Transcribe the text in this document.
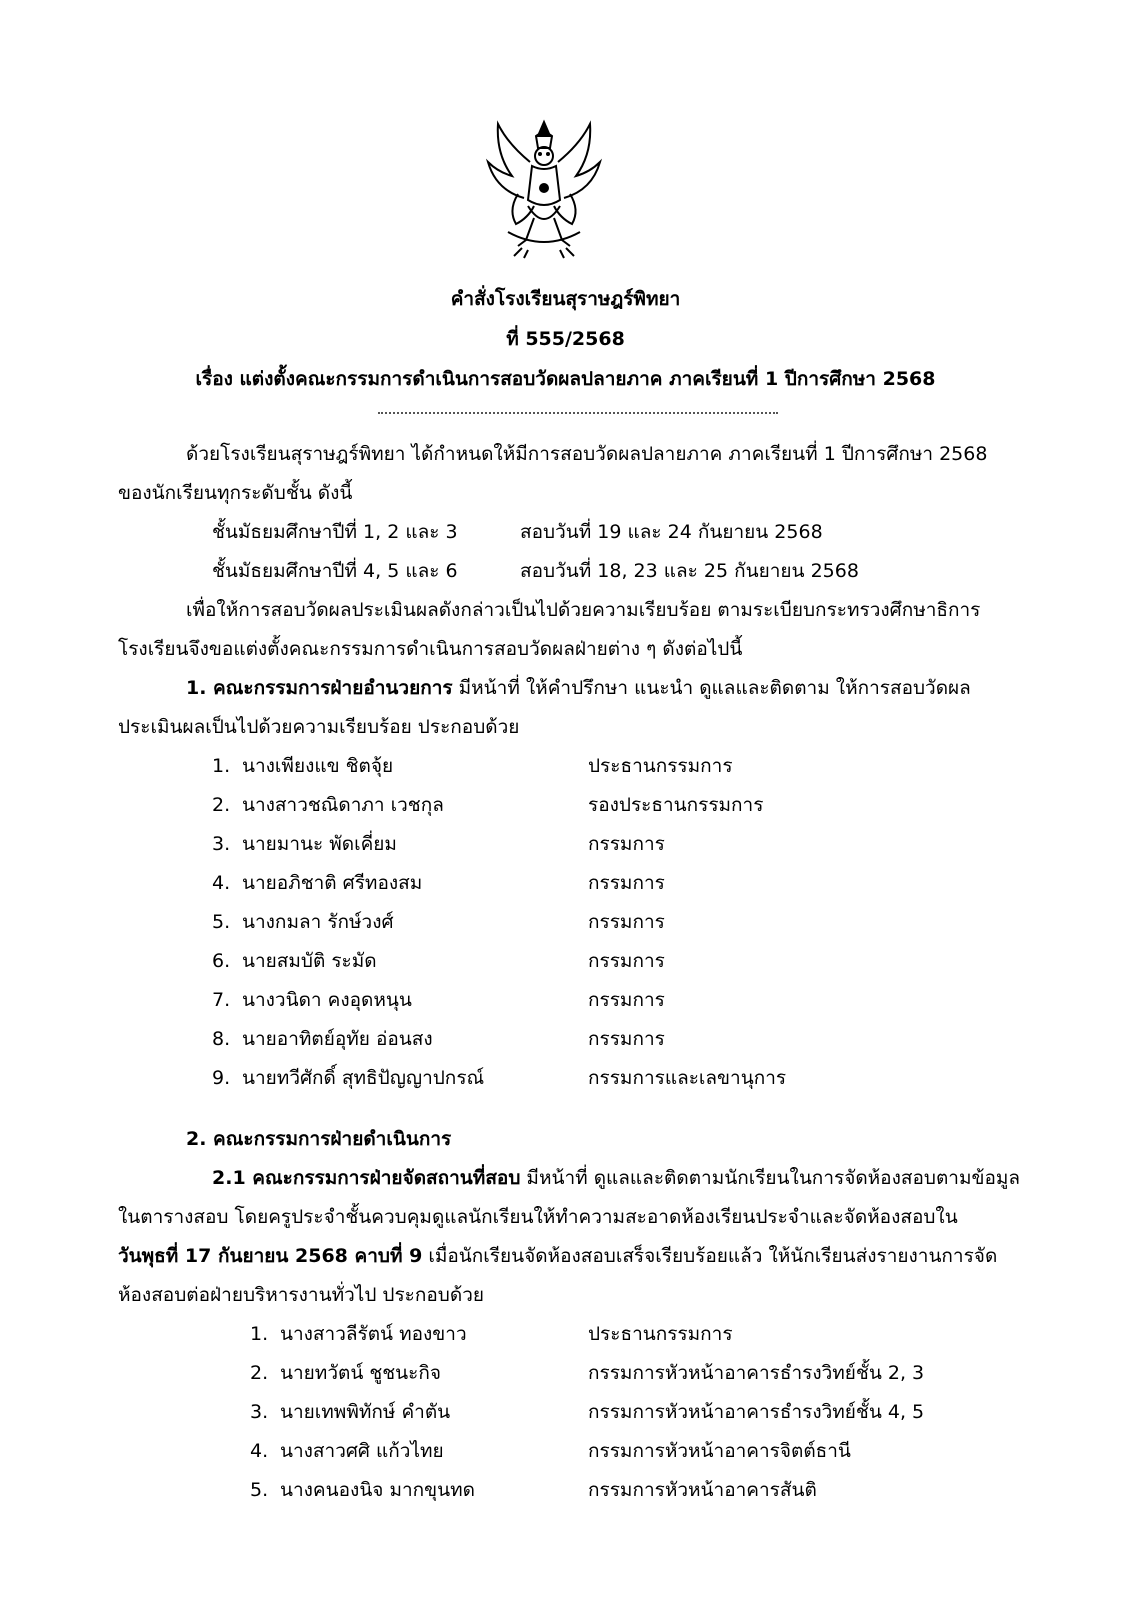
คำสั่งโรงเรียนสุราษฎร์พิทยา
ที่ 555/2568
เรื่อง แต่งตั้งคณะกรรมการดำเนินการสอบวัดผลปลายภาค ภาคเรียนที่ 1 ปีการศึกษา 2568
ด้วยโรงเรียนสุราษฎร์พิทยา ได้กำหนดให้มีการสอบวัดผลปลายภาค ภาคเรียนที่ 1 ปีการศึกษา 2568
ของนักเรียนทุกระดับชั้น ดังนี้
ชั้นมัธยมศึกษาปีที่ 1, 2 และ 3	สอบวันที่ 19 และ 24 กันยายน 2568
ชั้นมัธยมศึกษาปีที่ 4, 5 และ 6	สอบวันที่ 18, 23 และ 25 กันยายน 2568
เพื่อให้การสอบวัดผลประเมินผลดังกล่าวเป็นไปด้วยความเรียบร้อย ตามระเบียบกระทรวงศึกษาธิการ
โรงเรียนจึงขอแต่งตั้งคณะกรรมการดำเนินการสอบวัดผลฝ่ายต่าง ๆ ดังต่อไปนี้
1. คณะกรรมการฝ่ายอำนวยการ มีหน้าที่ ให้คำปรึกษา แนะนำ ดูแลและติดตาม ให้การสอบวัดผล
ประเมินผลเป็นไปด้วยความเรียบร้อย ประกอบด้วย
1. นางเพียงแข ชิตจุ้ย	ประธานกรรมการ
2. นางสาวชณิดาภา เวชกุล	รองประธานกรรมการ
3. นายมานะ พัดเคี่ยม	กรรมการ
4. นายอภิชาติ ศรีทองสม	กรรมการ
5. นางกมลา รักษ์วงศ์	กรรมการ
6. นายสมบัติ ระมัด	กรรมการ
7. นางวนิดา คงอุดหนุน	กรรมการ
8. นายอาทิตย์อุทัย อ่อนสง	กรรมการ
9. นายทวีศักดิ์ สุทธิปัญญาปกรณ์	กรรมการและเลขานุการ
2. คณะกรรมการฝ่ายดำเนินการ
2.1 คณะกรรมการฝ่ายจัดสถานที่สอบ มีหน้าที่ ดูแลและติดตามนักเรียนในการจัดห้องสอบตามข้อมูล
ในตารางสอบ โดยครูประจำชั้นควบคุมดูแลนักเรียนให้ทำความสะอาดห้องเรียนประจำและจัดห้องสอบใน
วันพุธที่ 17 กันยายน 2568 คาบที่ 9 เมื่อนักเรียนจัดห้องสอบเสร็จเรียบร้อยแล้ว ให้นักเรียนส่งรายงานการจัด
ห้องสอบต่อฝ่ายบริหารงานทั่วไป ประกอบด้วย
1. นางสาวลีรัตน์ ทองขาว	ประธานกรรมการ
2. นายทวัตน์ ชูชนะกิจ	กรรมการหัวหน้าอาคารธำรงวิทย์ชั้น 2, 3
3. นายเทพพิทักษ์ คำตัน	กรรมการหัวหน้าอาคารธำรงวิทย์ชั้น 4, 5
4. นางสาวศศิ แก้วไทย	กรรมการหัวหน้าอาคารจิตต์ธานี
5. นางคนองนิจ มากขุนทด	กรรมการหัวหน้าอาคารสันติ
